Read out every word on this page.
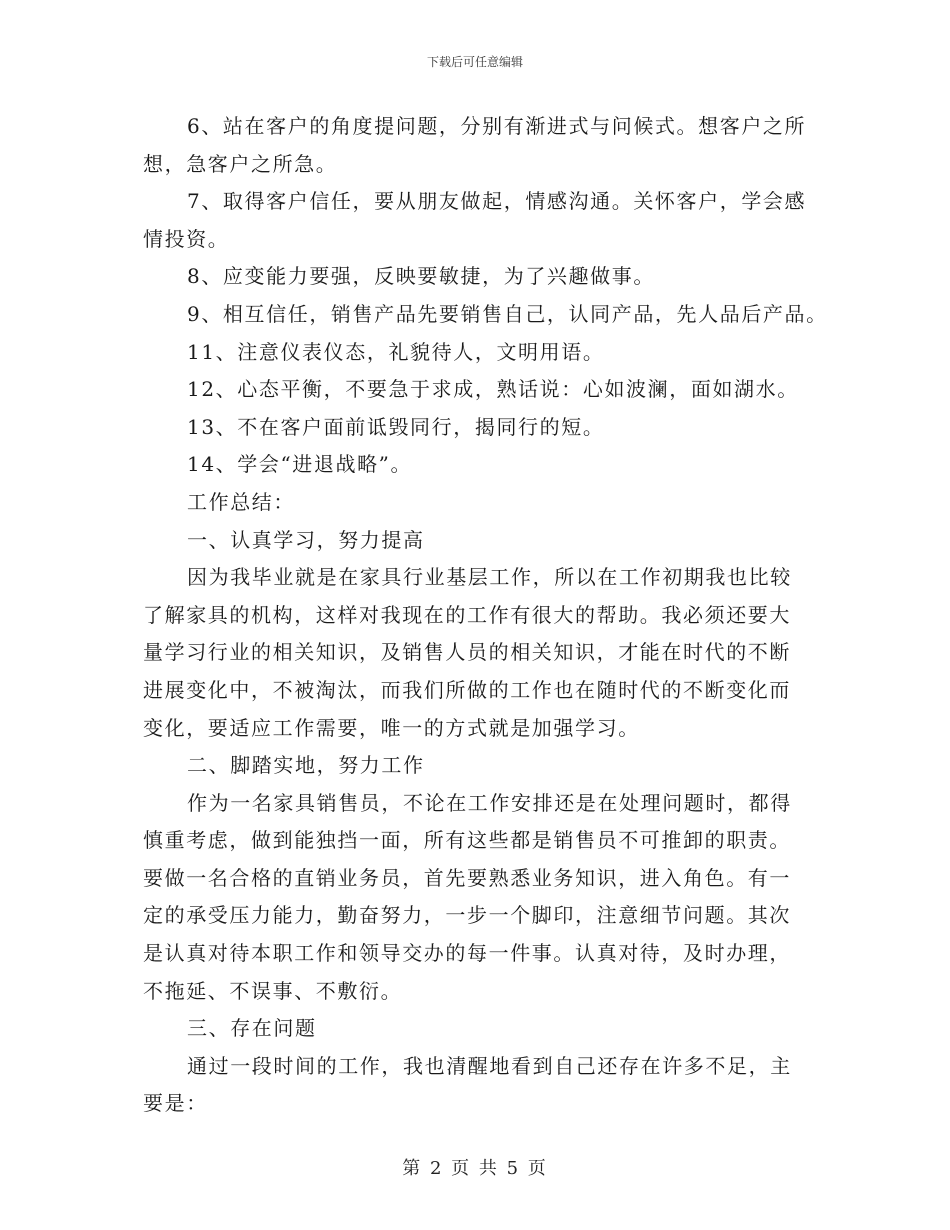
下载后可任意编辑
6、站在客户的角度提问题，分别有渐进式与问候式。想客户之所
想，急客户之所急。
7、取得客户信任，要从朋友做起，情感沟通。关怀客户，学会感
情投资。
8、应变能力要强，反映要敏捷，为了兴趣做事。
9、相互信任，销售产品先要销售自己，认同产品，先人品后产品。
11、注意仪表仪态，礼貌待人，文明用语。
12、心态平衡，不要急于求成，熟话说：心如波澜，面如湖水。
13、不在客户面前诋毁同行，揭同行的短。
14、学会“进退战略”。
工作总结：
一、认真学习，努力提高
因为我毕业就是在家具行业基层工作，所以在工作初期我也比较
了解家具的机构，这样对我现在的工作有很大的帮助。我必须还要大
量学习行业的相关知识，及销售人员的相关知识，才能在时代的不断
进展变化中，不被淘汰，而我们所做的工作也在随时代的不断变化而
变化，要适应工作需要，唯一的方式就是加强学习。
二、脚踏实地，努力工作
作为一名家具销售员，不论在工作安排还是在处理问题时，都得
慎重考虑，做到能独挡一面，所有这些都是销售员不可推卸的职责。
要做一名合格的直销业务员，首先要熟悉业务知识，进入角色。有一
定的承受压力能力，勤奋努力，一步一个脚印，注意细节问题。其次
是认真对待本职工作和领导交办的每一件事。认真对待，及时办理，
不拖延、不误事、不敷衍。
三、存在问题
通过一段时间的工作，我也清醒地看到自己还存在许多不足，主
要是：
第 2 页 共 5 页
